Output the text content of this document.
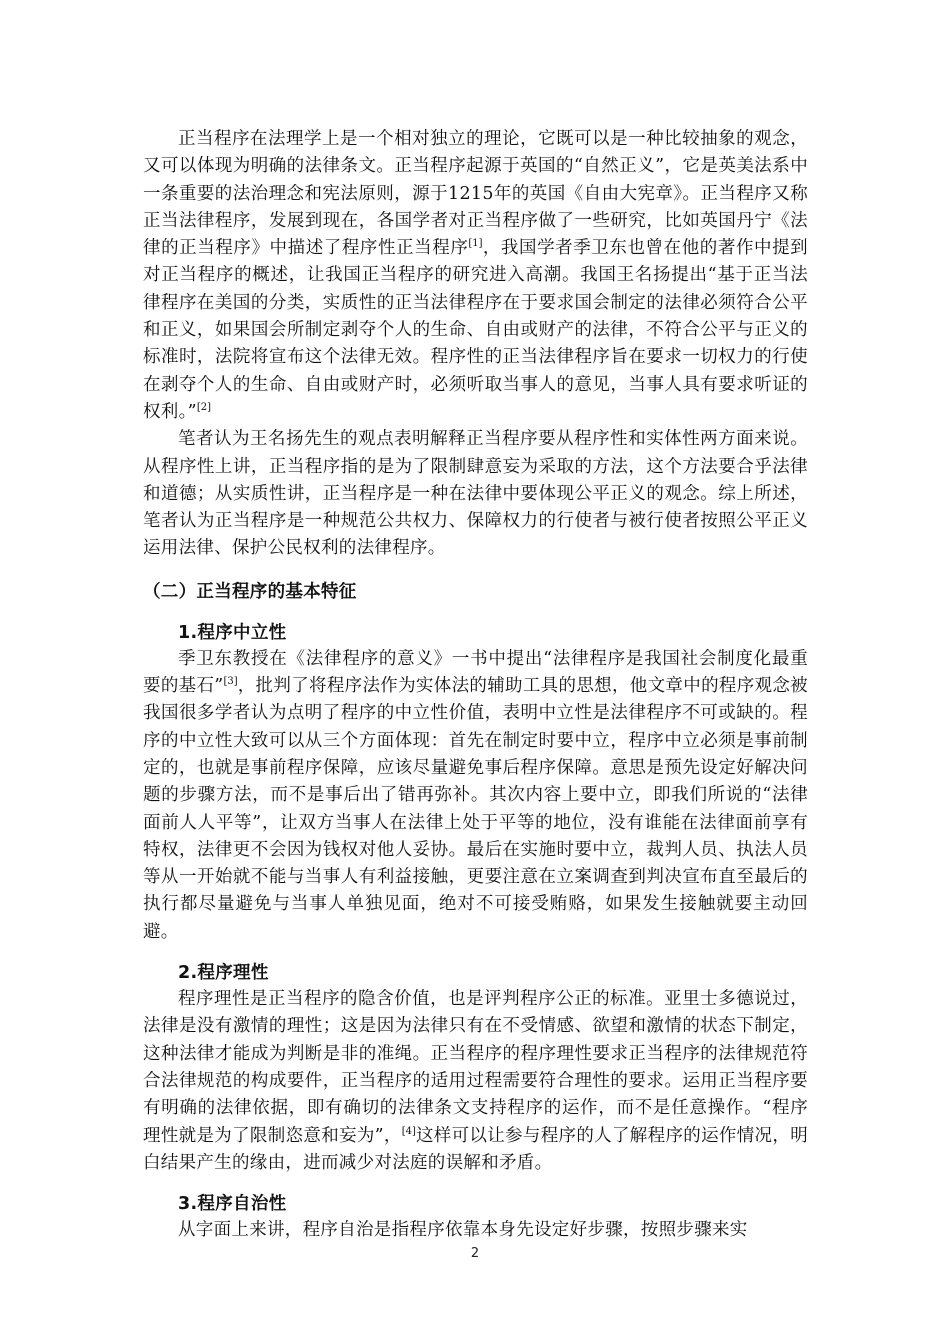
正当程序在法理学上是一个相对独立的理论，它既可以是一种比较抽象的观念，又可以体现为明确的法律条文。正当程序起源于英国的“自然正义”，它是英美法系中一条重要的法治理念和宪法原则，源于1215年的英国《自由大宪章》。正当程序又称正当法律程序，发展到现在，各国学者对正当程序做了一些研究，比如英国丹宁《法律的正当程序》中描述了程序性正当程序[1]，我国学者季卫东也曾在他的著作中提到对正当程序的概述，让我国正当程序的研究进入高潮。我国王名扬提出“基于正当法律程序在美国的分类，实质性的正当法律程序在于要求国会制定的法律必须符合公平和正义，如果国会所制定剥夺个人的生命、自由或财产的法律，不符合公平与正义的标准时，法院将宣布这个法律无效。程序性的正当法律程序旨在要求一切权力的行使在剥夺个人的生命、自由或财产时，必须听取当事人的意见，当事人具有要求听证的权利。”[2]

笔者认为王名扬先生的观点表明解释正当程序要从程序性和实体性两方面来说。从程序性上讲，正当程序指的是为了限制肆意妄为采取的方法，这个方法要合乎法律和道德；从实质性讲，正当程序是一种在法律中要体现公平正义的观念。综上所述，笔者认为正当程序是一种规范公共权力、保障权力的行使者与被行使者按照公平正义运用法律、保护公民权利的法律程序。

（二）正当程序的基本特征
1.程序中立性

季卫东教授在《法律程序的意义》一书中提出“法律程序是我国社会制度化最重要的基石”[3]，批判了将程序法作为实体法的辅助工具的思想，他文章中的程序观念被我国很多学者认为点明了程序的中立性价值，表明中立性是法律程序不可或缺的。程序的中立性大致可以从三个方面体现：首先在制定时要中立，程序中立必须是事前制定的，也就是事前程序保障，应该尽量避免事后程序保障。意思是预先设定好解决问题的步骤方法，而不是事后出了错再弥补。其次内容上要中立，即我们所说的“法律面前人人平等”，让双方当事人在法律上处于平等的地位，没有谁能在法律面前享有特权，法律更不会因为钱权对他人妥协。最后在实施时要中立，裁判人员、执法人员等从一开始就不能与当事人有利益接触，更要注意在立案调查到判决宣布直至最后的执行都尽量避免与当事人单独见面，绝对不可接受贿赂，如果发生接触就要主动回避。

2.程序理性

程序理性是正当程序的隐含价值，也是评判程序公正的标准。亚里士多德说过，法律是没有激情的理性；这是因为法律只有在不受情感、欲望和激情的状态下制定，这种法律才能成为判断是非的准绳。正当程序的程序理性要求正当程序的法律规范符合法律规范的构成要件，正当程序的适用过程需要符合理性的要求。运用正当程序要有明确的法律依据，即有确切的法律条文支持程序的运作，而不是任意操作。“程序理性就是为了限制恣意和妄为”，[4]这样可以让参与程序的人了解程序的运作情况，明白结果产生的缘由，进而减少对法庭的误解和矛盾。

3.程序自治性

从字面上来讲，程序自治是指程序依靠本身先设定好步骤，按照步骤来实

2
